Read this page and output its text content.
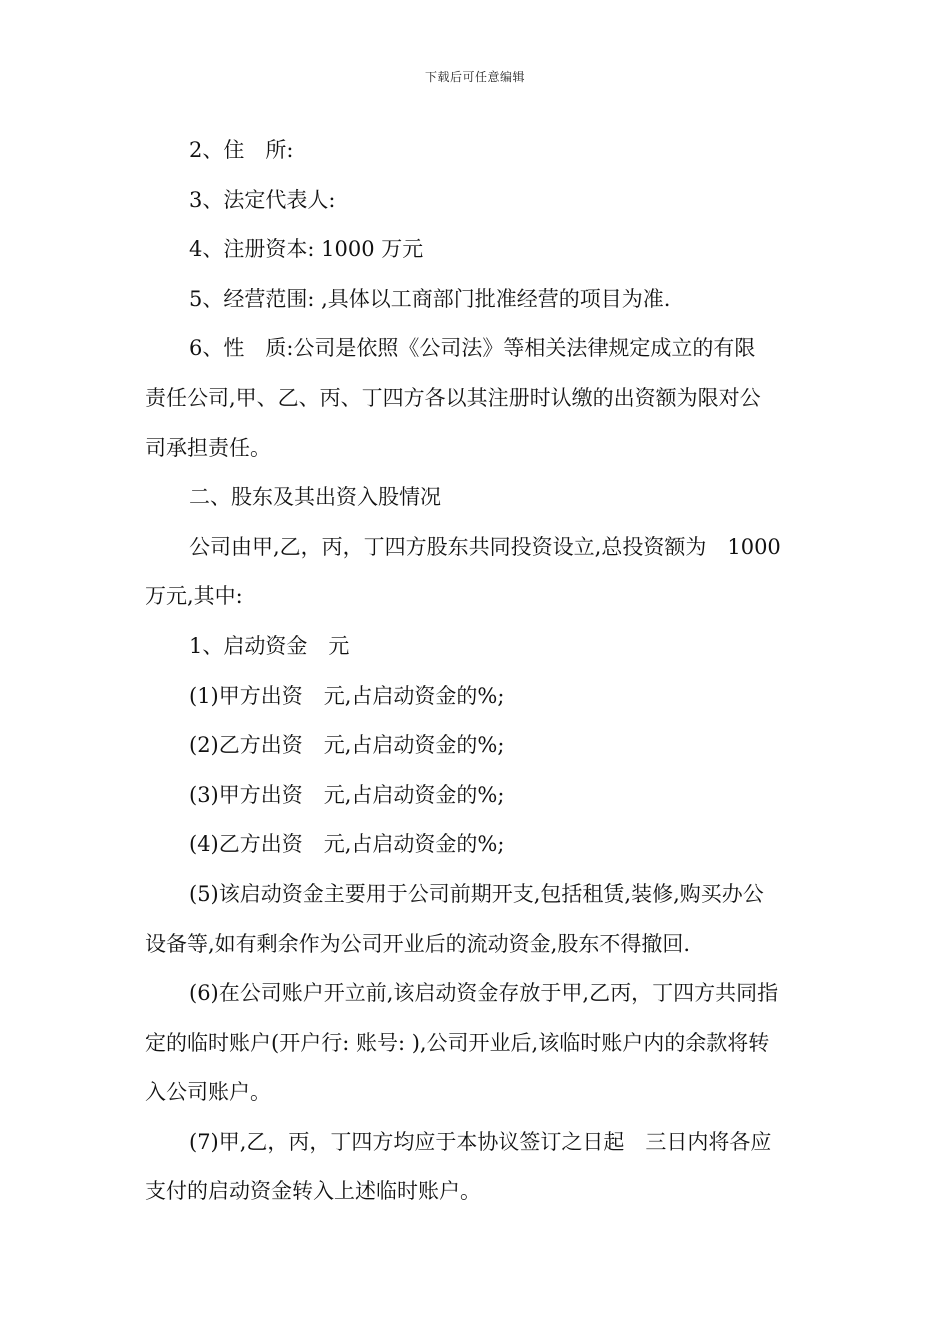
下载后可任意编辑

2、住　所:

3、法定代表人:

4、注册资本: 1000 万元

5、经营范围: ,具体以工商部门批准经营的项目为准.

6、性　质:公司是依照《公司法》等相关法律规定成立的有限

责任公司,甲、乙、丙、丁四方各以其注册时认缴的出资额为限对公

司承担责任。

二、股东及其出资入股情况

公司由甲,乙，丙，丁四方股东共同投资设立,总投资额为　1000

万元,其中:

1、启动资金　元

(1)甲方出资　元,占启动资金的%;

(2)乙方出资　元,占启动资金的%;

(3)甲方出资　元,占启动资金的%;

(4)乙方出资　元,占启动资金的%;

(5)该启动资金主要用于公司前期开支,包括租赁,装修,购买办公

设备等,如有剩余作为公司开业后的流动资金,股东不得撤回.

(6)在公司账户开立前,该启动资金存放于甲,乙丙，丁四方共同指

定的临时账户(开户行: 账号: ),公司开业后,该临时账户内的余款将转

入公司账户。

(7)甲,乙，丙，丁四方均应于本协议签订之日起　三日内将各应

支付的启动资金转入上述临时账户。
